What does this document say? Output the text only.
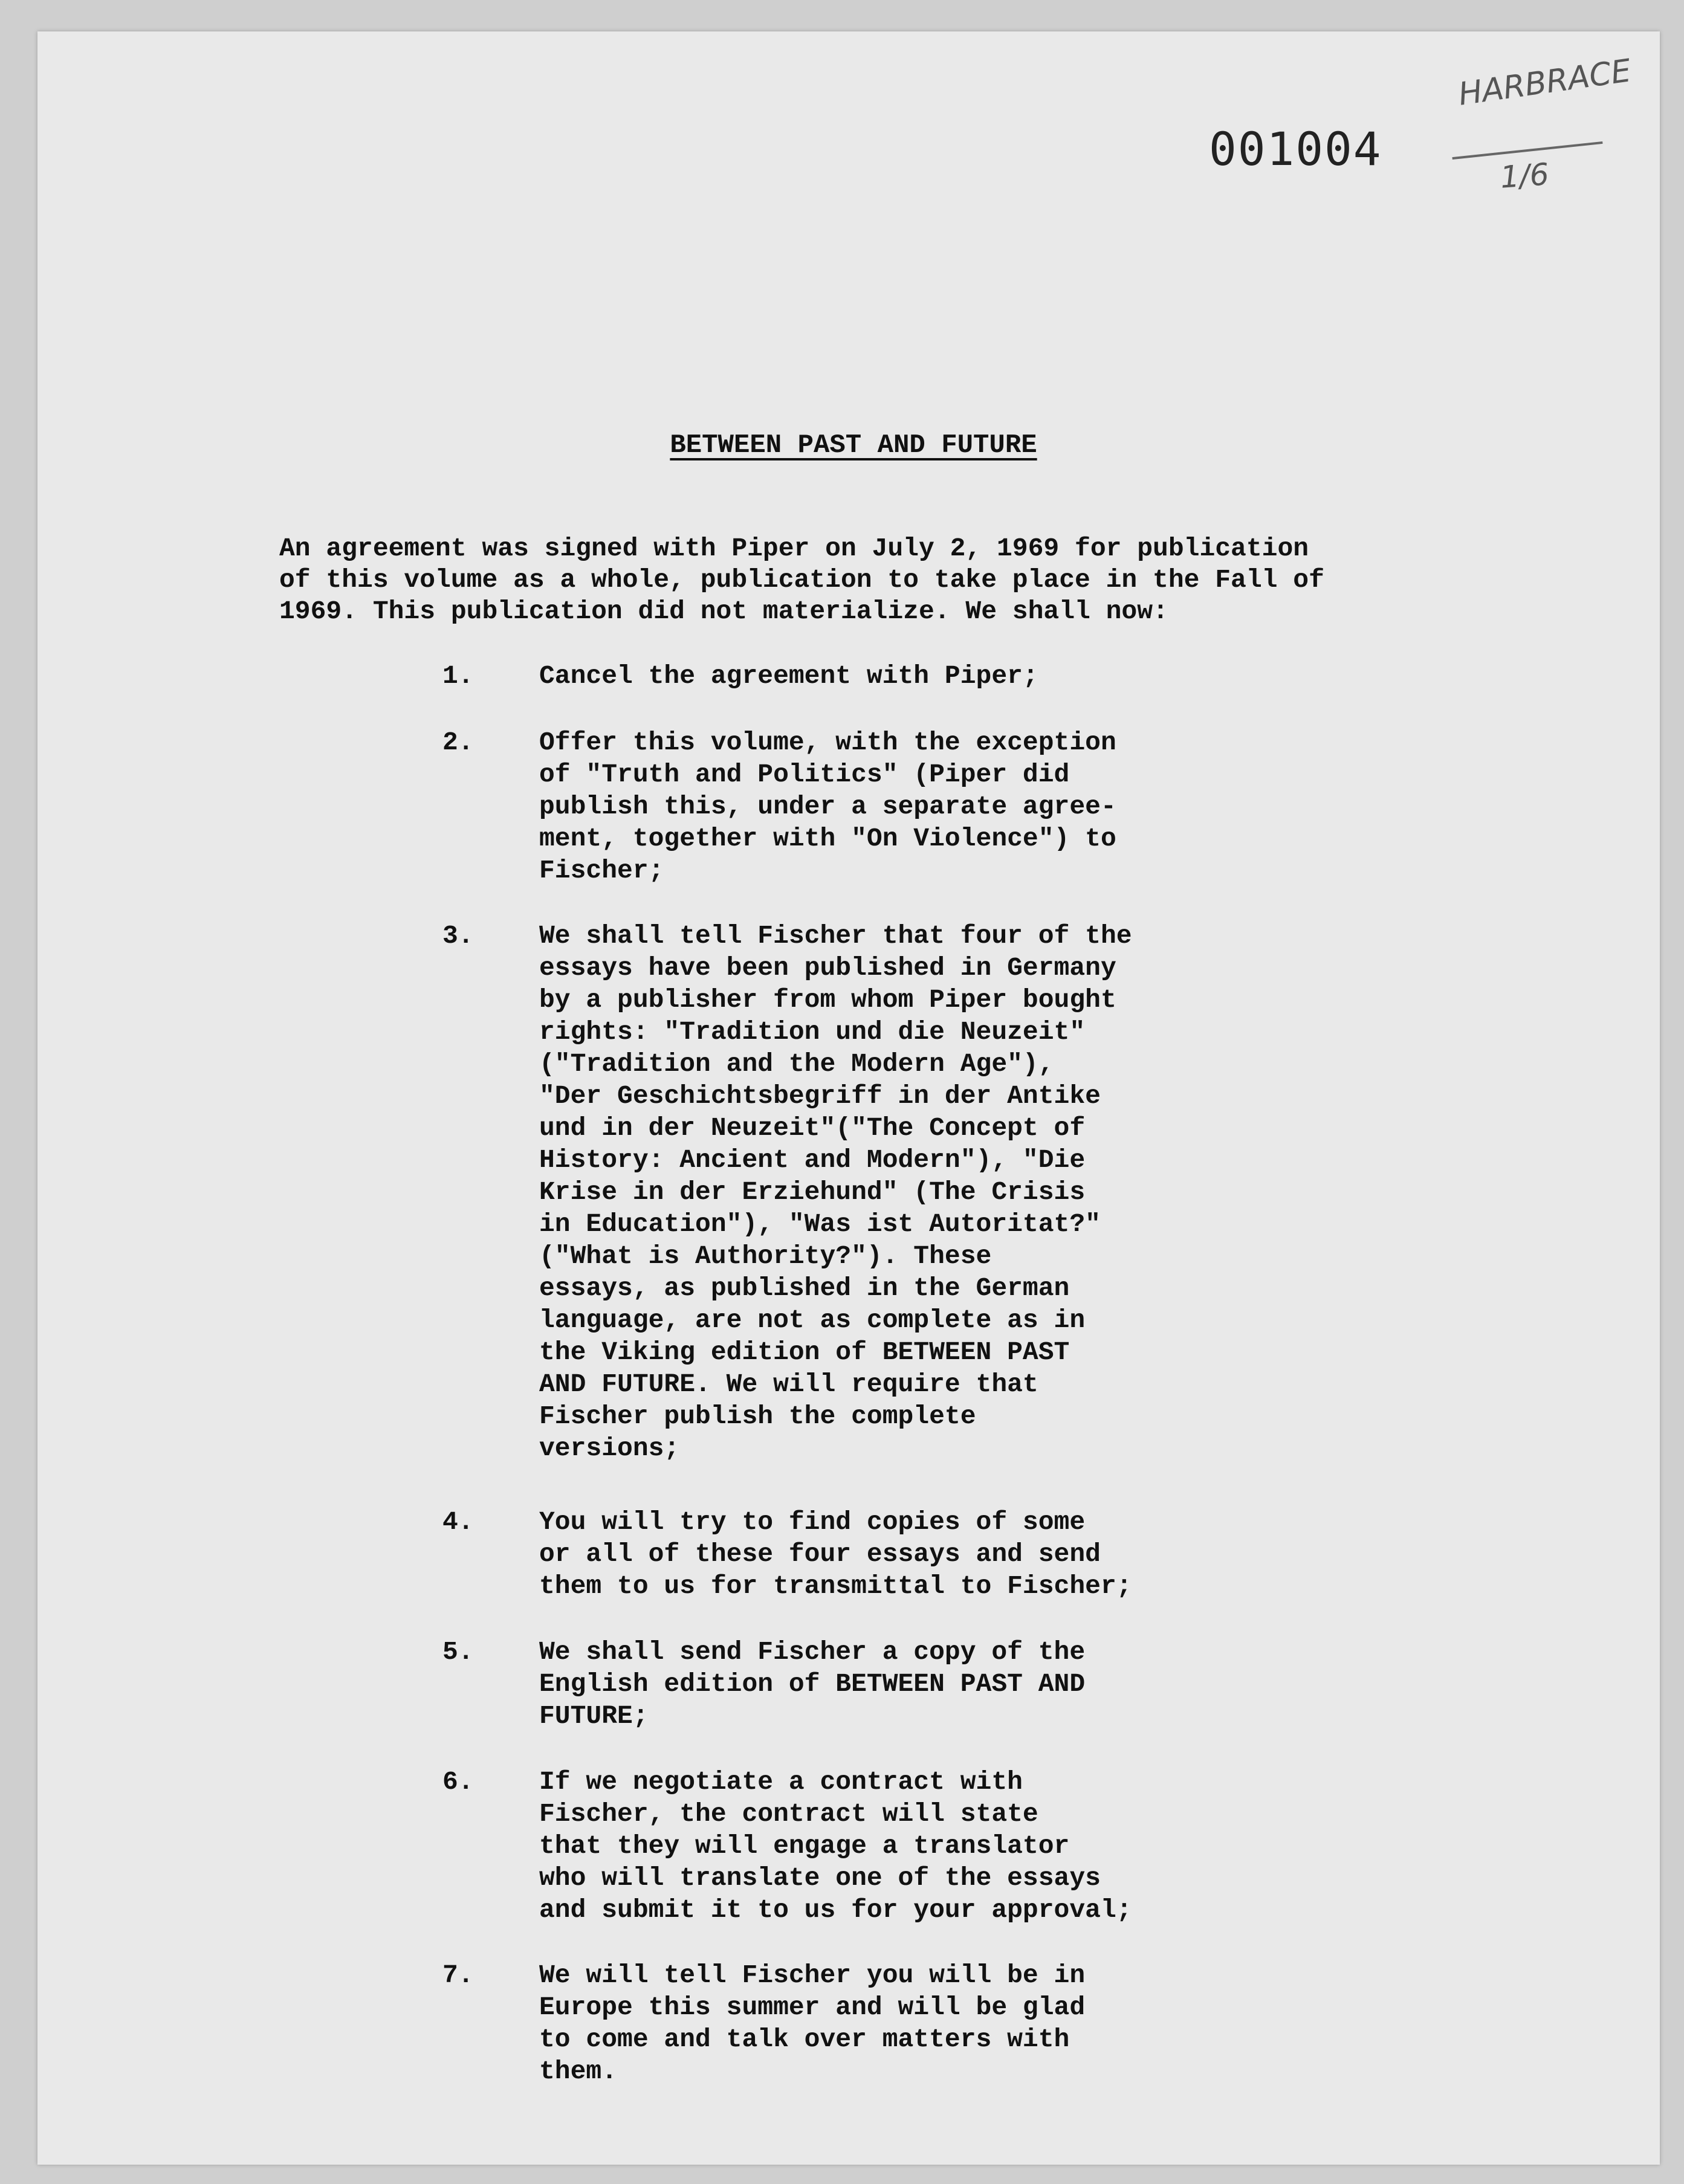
HARBRACE
1/6
001004
BETWEEN PAST AND FUTURE
An agreement was signed with Piper on July 2, 1969 for publication
of this volume as a whole, publication to take place in the Fall of
1969. This publication did not materialize. We shall now:
1.	Cancel the agreement with Piper;
2.	Offer this volume, with the exception
of "Truth and Politics" (Piper did
publish this, under a separate agree-
ment, together with "On Violence") to
Fischer;
3.	We shall tell Fischer that four of the
essays have been published in Germany
by a publisher from whom Piper bought
rights: "Tradition und die Neuzeit"
("Tradition and the Modern Age"),
"Der Geschichtsbegriff in der Antike
und in der Neuzeit"("The Concept of
History: Ancient and Modern"), "Die
Krise in der Erziehund" (The Crisis
in Education"), "Was ist Autoritat?"
("What is Authority?"). These
essays, as published in the German
language, are not as complete as in
the Viking edition of BETWEEN PAST
AND FUTURE. We will require that
Fischer publish the complete
versions;
4.	You will try to find copies of some
or all of these four essays and send
them to us for transmittal to Fischer;
5.	We shall send Fischer a copy of the
English edition of BETWEEN PAST AND
FUTURE;
6.	If we negotiate a contract with
Fischer, the contract will state
that they will engage a translator
who will translate one of the essays
and submit it to us for your approval;
7.	We will tell Fischer you will be in
Europe this summer and will be glad
to come and talk over matters with
them.
